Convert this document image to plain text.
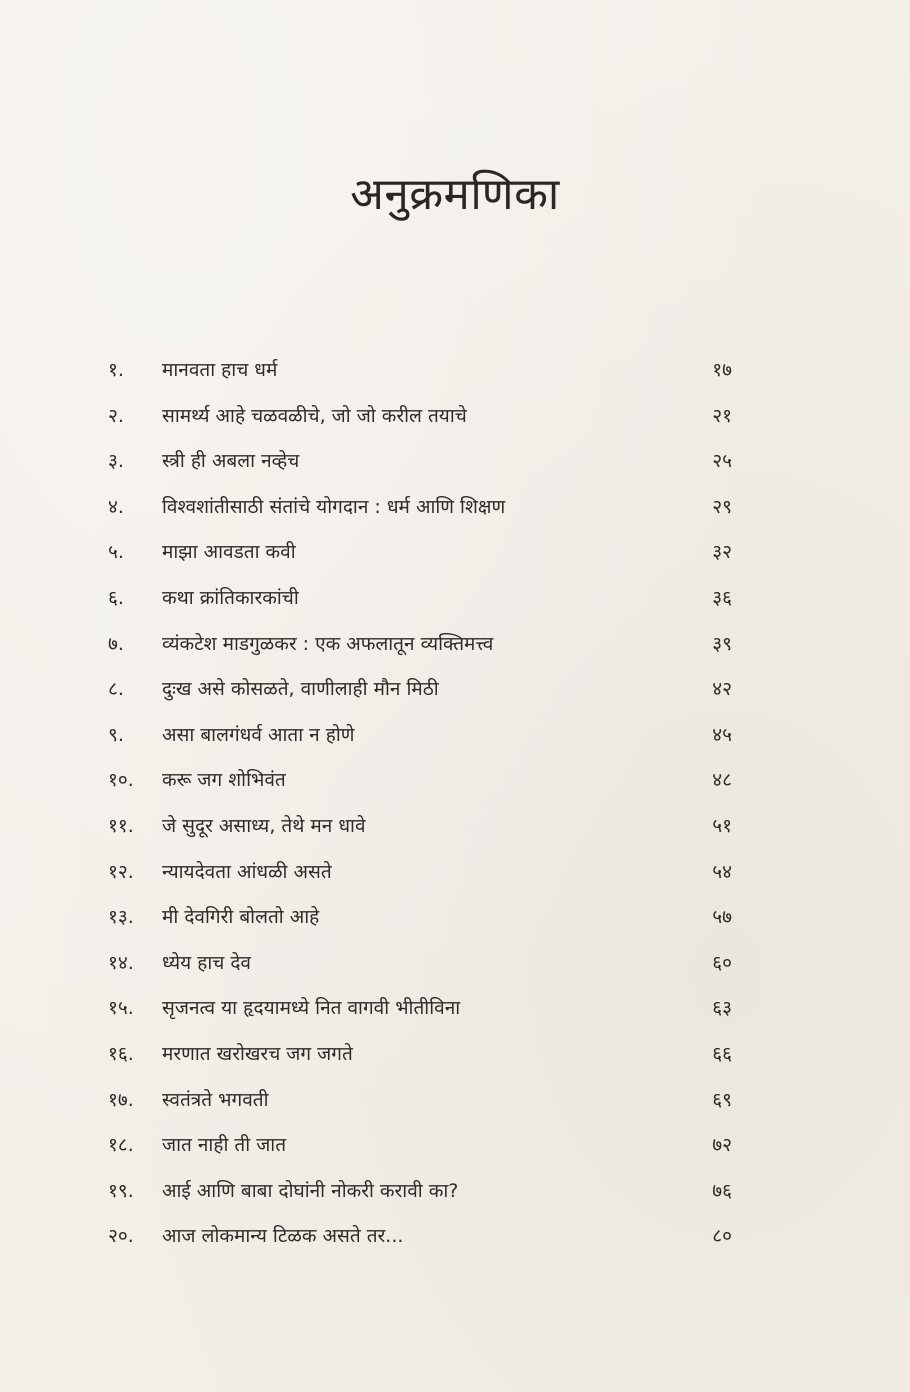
अनुक्रमणिका
१. मानवता हाच धर्म	१७
२. सामर्थ्य आहे चळवळीचे, जो जो करील तयाचे	२१
३. स्त्री ही अबला नव्हेच	२५
४. विश्वशांतीसाठी संतांचे योगदान : धर्म आणि शिक्षण	२९
५. माझा आवडता कवी	३२
६. कथा क्रांतिकारकांची	३६
७. व्यंकटेश माडगुळकर : एक अफलातून व्यक्तिमत्त्व	३९
८. दुःख असे कोसळते, वाणीलाही मौन मिठी	४२
९. असा बालगंधर्व आता न होणे	४५
१०. करू जग शोभिवंत	४८
११. जे सुदूर असाध्य, तेथे मन धावे	५१
१२. न्यायदेवता आंधळी असते	५४
१३. मी देवगिरी बोलतो आहे	५७
१४. ध्येय हाच देव	६०
१५. सृजनत्व या हृदयामध्ये नित वागवी भीतीविना	६३
१६. मरणात खरोखरच जग जगते	६६
१७. स्वतंत्रते भगवती	६९
१८. जात नाही ती जात	७२
१९. आई आणि बाबा दोघांनी नोकरी करावी का?	७६
२०. आज लोकमान्य टिळक असते तर...	८०
